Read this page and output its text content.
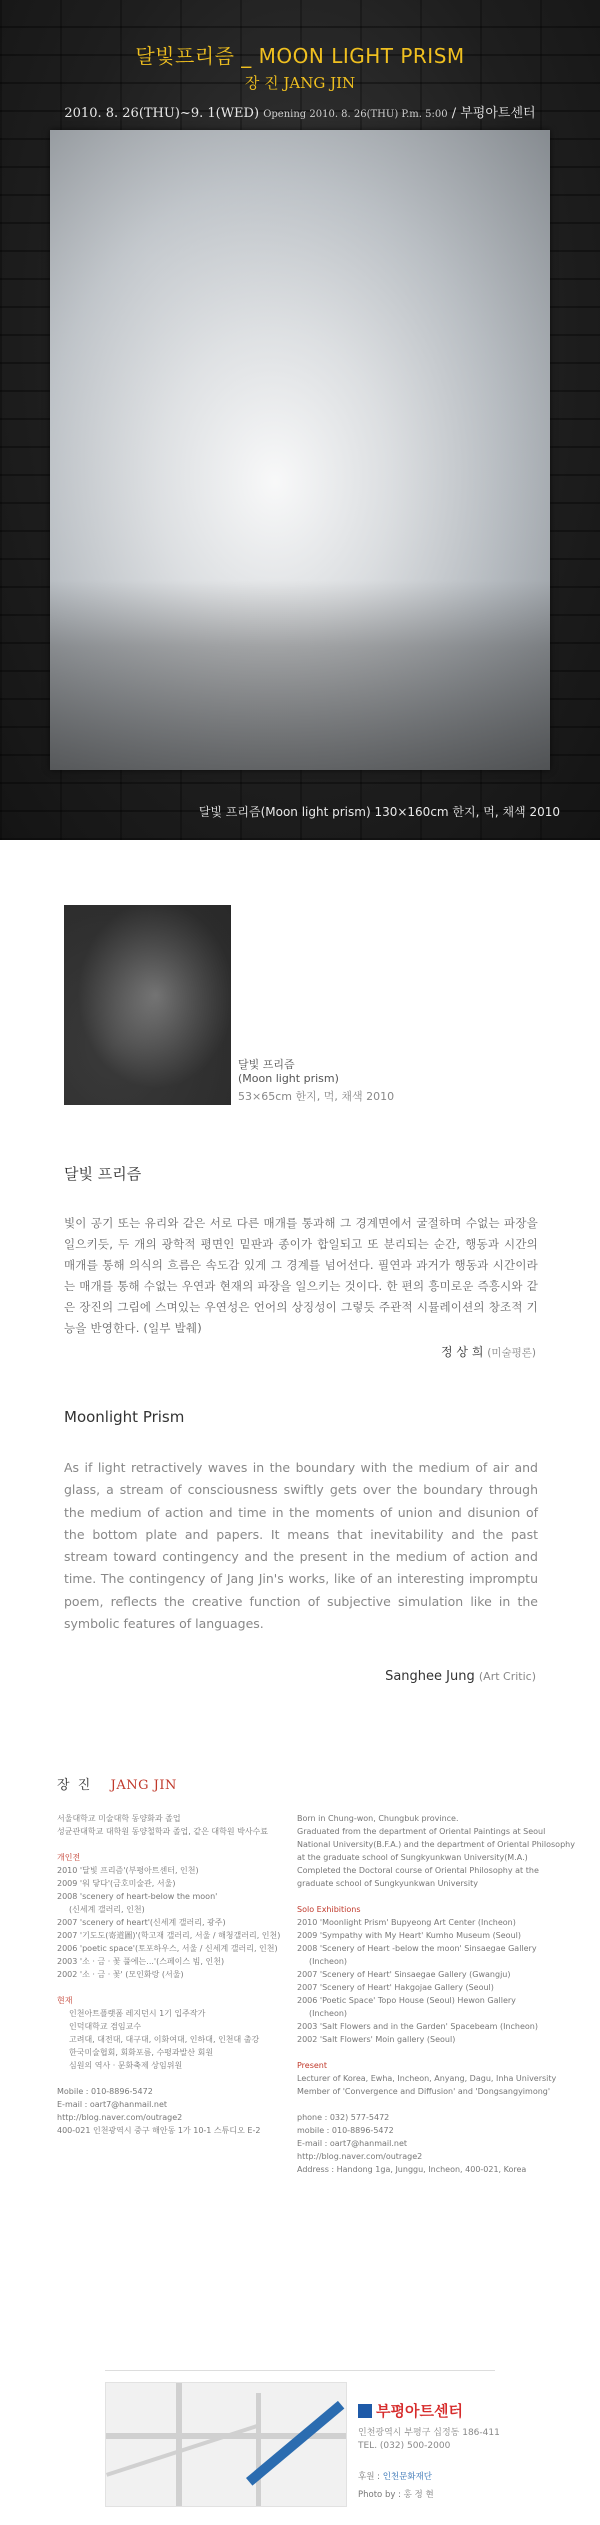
달빛프리즘 _ MOON LIGHT PRISM
장 진 JANG JIN
2010. 8. 26(THU)~9. 1(WED) Opening 2010. 8. 26(THU) P.m. 5:00 / 부평아트센터
달빛 프리즘(Moon light prism) 130×160cm 한지, 먹, 채색 2010
달빛 프리즘
(Moon light prism)
53×65cm 한지, 먹, 채색 2010
달빛 프리즘
빛이 공기 또는 유리와 같은 서로 다른 매개를 통과해 그 경계면에서 굴절하며 수없는 파장을 일으키듯, 두 개의 광학적 평면인 밑판과 종이가 합일되고 또 분리되는 순간, 행동과 시간의 매개를 통해 의식의 흐름은 속도감 있게 그 경계를 넘어선다. 필연과 과거가 행동과 시간이라는 매개를 통해 수없는 우연과 현재의 파장을 일으키는 것이다. 한 편의 흥미로운 즉흥시와 같은 장진의 그림에 스며있는 우연성은 언어의 상징성이 그렇듯 주관적 시뮬레이션의 창조적 기능을 반영한다. (일부 발췌)
정 상 희 (미술평론)
Moonlight Prism
As if light retractively waves in the boundary with the medium of air and glass, a stream of consciousness swiftly gets over the boundary through the medium of action and time in the moments of union and disunion of the bottom plate and papers. It means that inevitability and the past stream toward contingency and the present in the medium of action and time. The contingency of Jang Jin's works, like of an interesting impromptu poem, reflects the creative function of subjective simulation like in the symbolic features of languages.
Sanghee Jung (Art Critic)
장 진 JANG JIN
서울대학교 미술대학 동양화과 졸업
성균관대학교 대학원 동양철학과 졸업, 같은 대학원 박사수료
개인전
2010 '달빛 프리즘'(부평아트센터, 인천)
2009 '워 닿다'(금호미술관, 서울)
2008 'scenery of heart-below the moon'
(신세계 갤러리, 인천)
2007 'scenery of heart'(신세계 갤러리, 광주)
2007 '기도도(寄道圖)'(학고재 갤러리, 서울 / 해청갤러리, 인천)
2006 'poetic space'(토포하우스, 서울 / 신세계 갤러리, 인천)
2003 '소 · 금 · 꽃 풀에는...'(스페이스 빔, 인천)
2002 '소 · 금 · 꽃' (모인화랑 (서울)
현재
인천아트플랫폼 레지던시 1기 입주작가
인덕대학교 겸임교수
고려대, 대전대, 대구대, 이화여대, 인하대, 인천대 출강
한국미술협회, 회화포름, 수평과발산 회원
심원의 역사 · 문화축제 상임위원
Mobile : 010-8896-5472
E-mail : oart7@hanmail.net
http://blog.naver.com/outrage2
400-021 인천광역시 중구 해안동 1가 10-1 스튜디오 E-2
Born in Chung-won, Chungbuk province.
Graduated from the department of Oriental Paintings at Seoul
National University(B.F.A.) and the department of Oriental Philosophy
at the graduate school of Sungkyunkwan University(M.A.)
Completed the Doctoral course of Oriental Philosophy at the
graduate school of Sungkyunkwan University
Solo Exhibitions
2010 'Moonlight Prism' Bupyeong Art Center (Incheon)
2009 'Sympathy with My Heart' Kumho Museum (Seoul)
2008 'Scenery of Heart -below the moon' Sinsaegae Gallery
(Incheon)
2007 'Scenery of Heart' Sinsaegae Gallery (Gwangju)
2007 'Scenery of Heart' Hakgojae Gallery (Seoul)
2006 'Poetic Space' Topo House (Seoul) Hewon Gallery
(Incheon)
2003 'Salt Flowers and in the Garden' Spacebeam (Incheon)
2002 'Salt Flowers' Moin gallery (Seoul)
Present
Lecturer of Korea, Ewha, Incheon, Anyang, Dagu, Inha University
Member of 'Convergence and Diffusion' and 'Dongsangyimong'
phone : 032) 577-5472
mobile : 010-8896-5472
E-mail : oart7@hanmail.net
http://blog.naver.com/outrage2
Address : Handong 1ga, Junggu, Incheon, 400-021, Korea
부평아트센터
인천광역시 부평구 십정동 186-411
TEL. (032) 500-2000
후원 : 인천문화재단
Photo by : 홍 정 현
